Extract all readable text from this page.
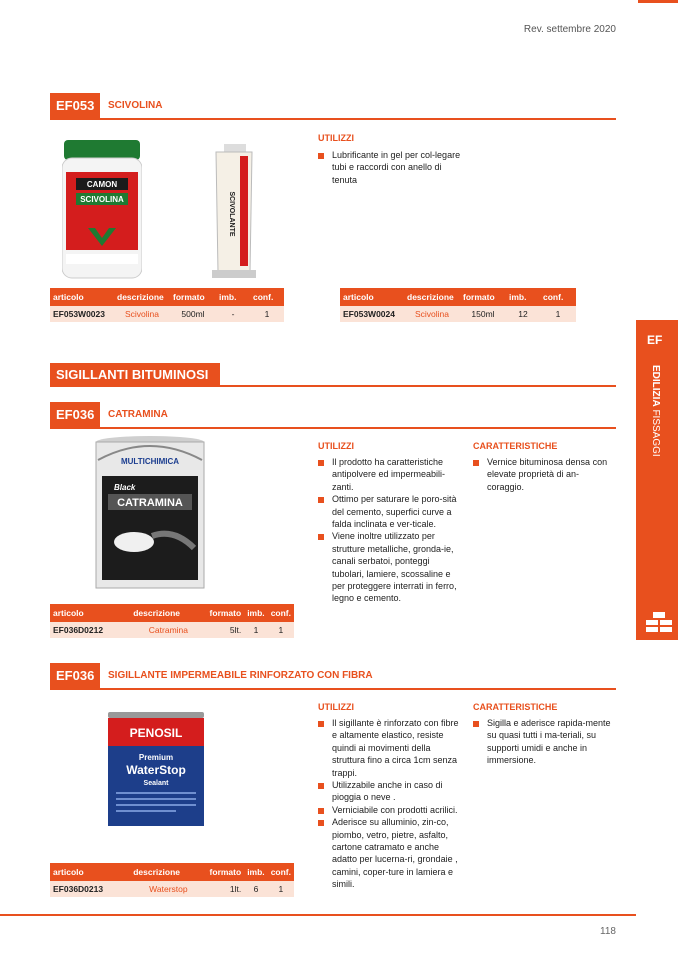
Rev. settembre 2020
EF053	SCIVOLINA
CAMON
SCIVOLINA	SCIVOLANTE
UTILIZZI
Lubrificante in gel per col-legare tubi e raccordi con anello di tenuta
articolo	descrizione	formato	imb.	conf.
EF053W0023	Scivolina	500ml	-	1
articolo	descrizione	formato	imb.	conf.
EF053W0024	Scivolina	150ml	12	1
SIGILLANTI BITUMINOSI
EF036	CATRAMINA
MULTICHIMICA
Black
CATRAMINA
UTILIZZI
Il prodotto ha caratteristiche antipolvere ed impermeabili-zanti.
Ottimo per saturare le poro-sità del cemento, superfici curve a falda inclinata e ver-ticale.
Viene inoltre utilizzato per strutture metalliche, gronda-ie, canali serbatoi, ponteggi tubolari, lamiere, scossaline e per proteggere interrati in ferro, legno e cemento.
CARATTERISTICHE
Vernice bituminosa densa con elevate proprietà di an-coraggio.
articolo	descrizione	formato	imb.	conf.
EF036D0212	Catramina	5lt.	1	1
EF036	SIGILLANTE IMPERMEABILE RINFORZATO CON FIBRA
PENOSIL
Premium
WaterStop
Sealant
UTILIZZI
Il sigillante è rinforzato con fibre e altamente elastico, resiste quindi ai movimenti della struttura fino a circa 1cm senza trappi.
Utilizzabile anche in caso di pioggia o neve .
Verniciabile con prodotti acrilici.
Aderisce su alluminio, zin-co, piombo, vetro, pietre, asfalto, cartone catramato e anche adatto per lucerna-ri, grondaie , camini, coper-ture in lamiera e simili.
CARATTERISTICHE
Sigilla e aderisce rapida-mente su quasi tutti i ma-teriali, su supporti umidi e anche in immersione.
articolo	descrizione	formato	imb.	conf.
EF036D0213	Waterstop	1lt.	6	1
EF
EDILIZIA FISSAGGI
118
